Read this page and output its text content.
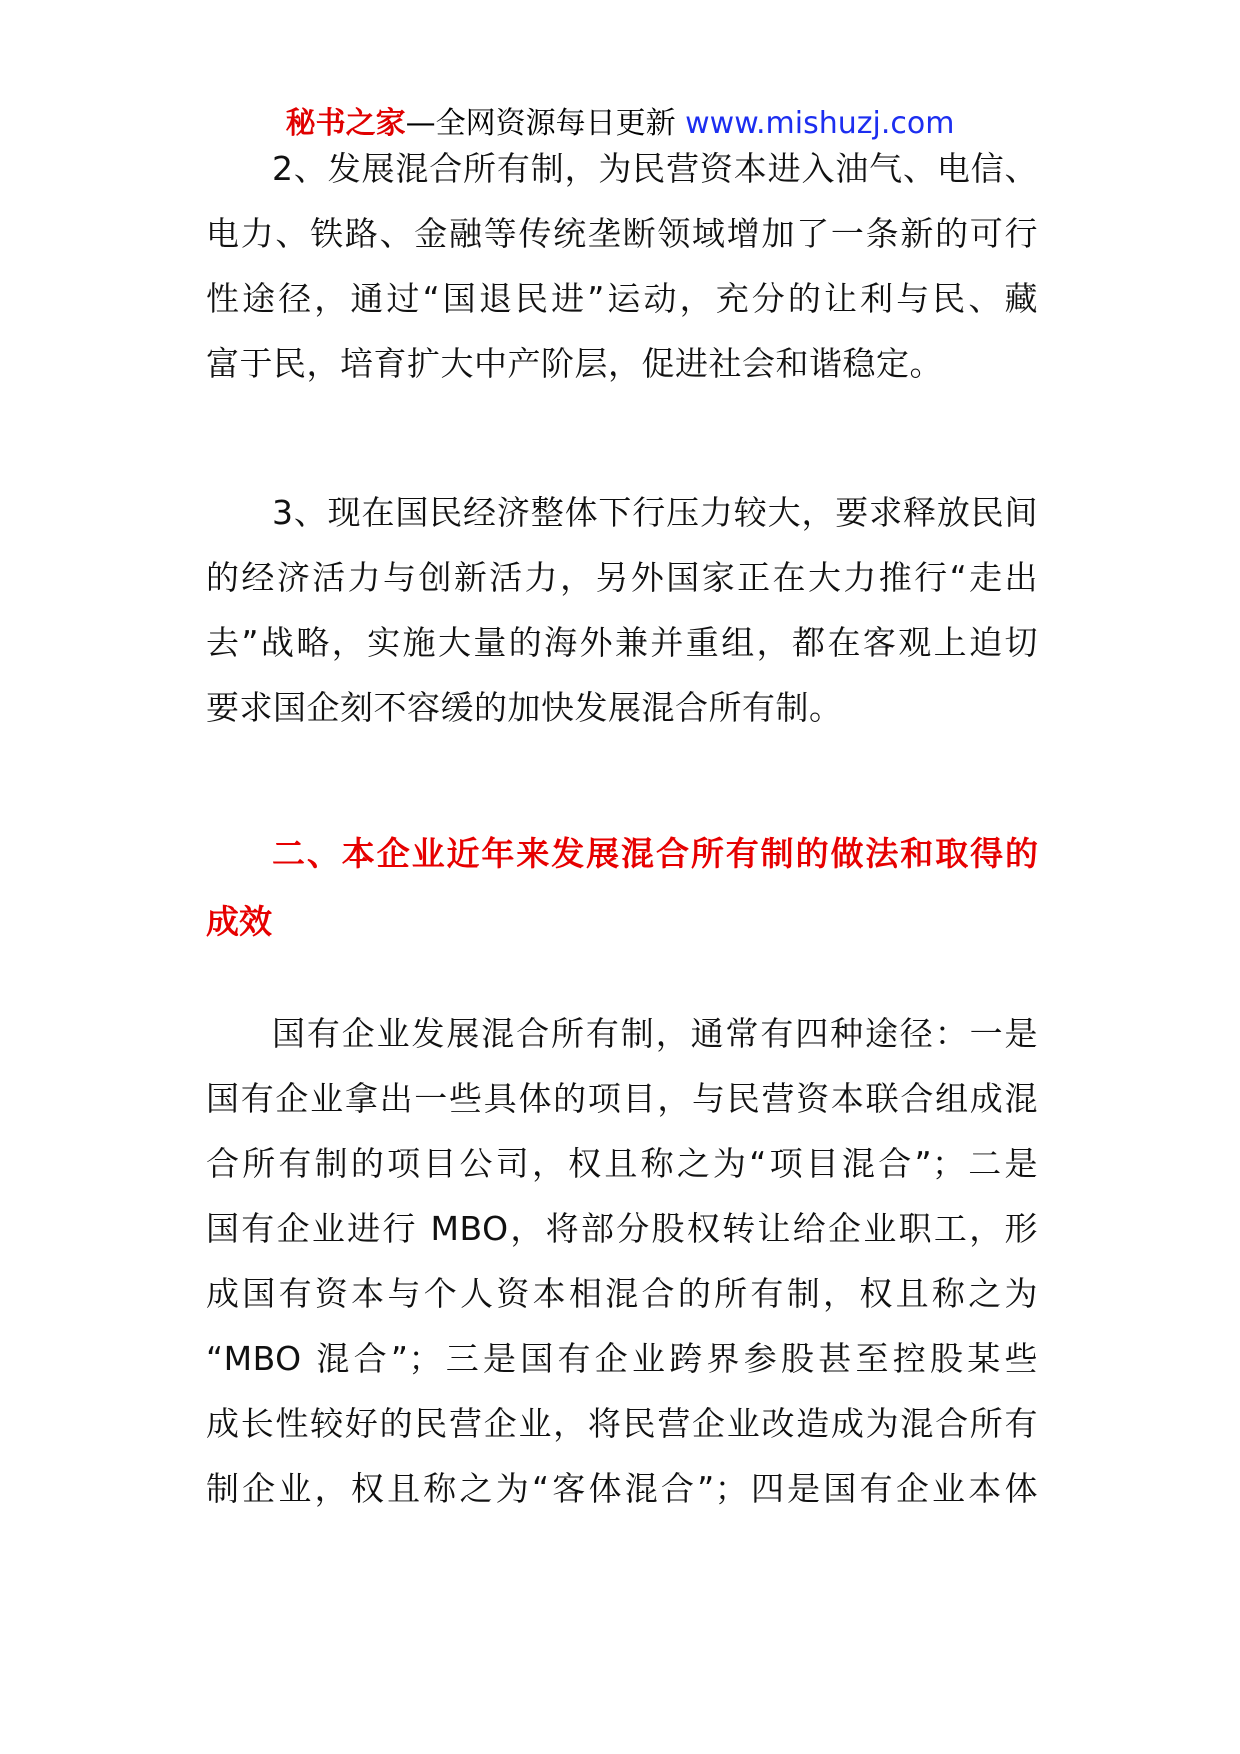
秘书之家—全网资源每日更新 www.mishuzj.com
2、发展混合所有制，为民营资本进入油气、电信、
电力、铁路、金融等传统垄断领域增加了一条新的可行
性途径，通过“国退民进”运动，充分的让利与民、藏
富于民，培育扩大中产阶层，促进社会和谐稳定。
3、现在国民经济整体下行压力较大，要求释放民间
的经济活力与创新活力，另外国家正在大力推行“走出
去”战略，实施大量的海外兼并重组，都在客观上迫切
要求国企刻不容缓的加快发展混合所有制。
二、本企业近年来发展混合所有制的做法和取得的
成效
国有企业发展混合所有制，通常有四种途径：一是
国有企业拿出一些具体的项目，与民营资本联合组成混
合所有制的项目公司，权且称之为“项目混合”；二是
国有企业进行 MBO，将部分股权转让给企业职工，形
成国有资本与个人资本相混合的所有制，权且称之为
“MBO 混合”；三是国有企业跨界参股甚至控股某些
成长性较好的民营企业，将民营企业改造成为混合所有
制企业，权且称之为“客体混合”；四是国有企业本体
